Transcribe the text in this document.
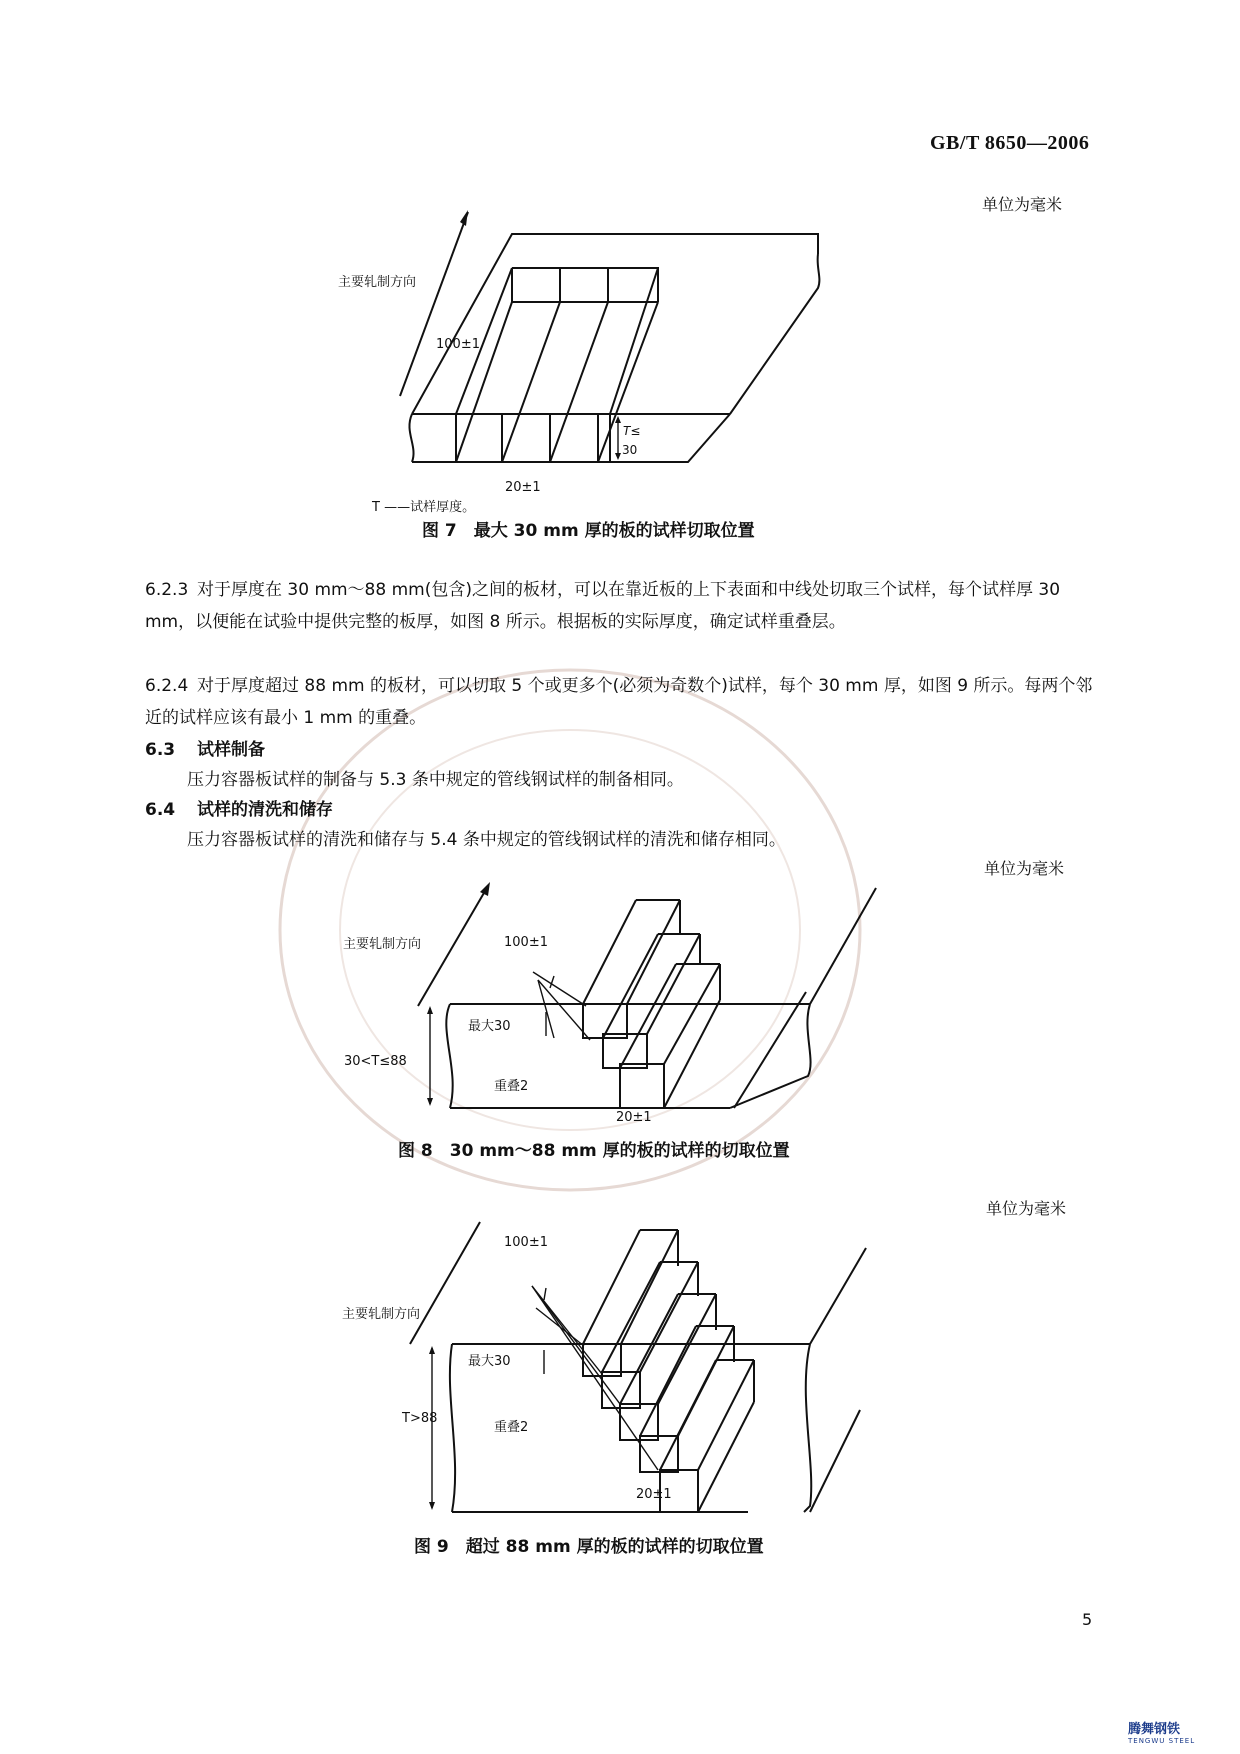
GB/T 8650—2006
单位为毫米
主要轧制方向
100±1
20±1
T≤
30
T ——试样厚度。
图 7　最大 30 mm 厚的板的试样切取位置
6.2.3 对于厚度在 30 mm～88 mm(包含)之间的板材，可以在靠近板的上下表面和中线处切取三个试样，每个试样厚 30 mm，以便能在试验中提供完整的板厚，如图 8 所示。根据板的实际厚度，确定试样重叠层。
6.2.4 对于厚度超过 88 mm 的板材，可以切取 5 个或更多个(必须为奇数个)试样，每个 30 mm 厚，如图 9 所示。每两个邻近的试样应该有最小 1 mm 的重叠。
6.3 试样制备
压力容器板试样的制备与 5.3 条中规定的管线钢试样的制备相同。
6.4 试样的清洗和储存
压力容器板试样的清洗和储存与 5.4 条中规定的管线钢试样的清洗和储存相同。
单位为毫米
主要轧制方向	100±1
最大30
30<T≤88
重叠2
20±1
图 8　30 mm～88 mm 厚的板的试样的切取位置
单位为毫米
主要轧制方向
100±1
最大30
T>88
重叠2
20±1
图 9　超过 88 mm 厚的板的试样的切取位置
5
腾舞钢铁
TENGWU STEEL
